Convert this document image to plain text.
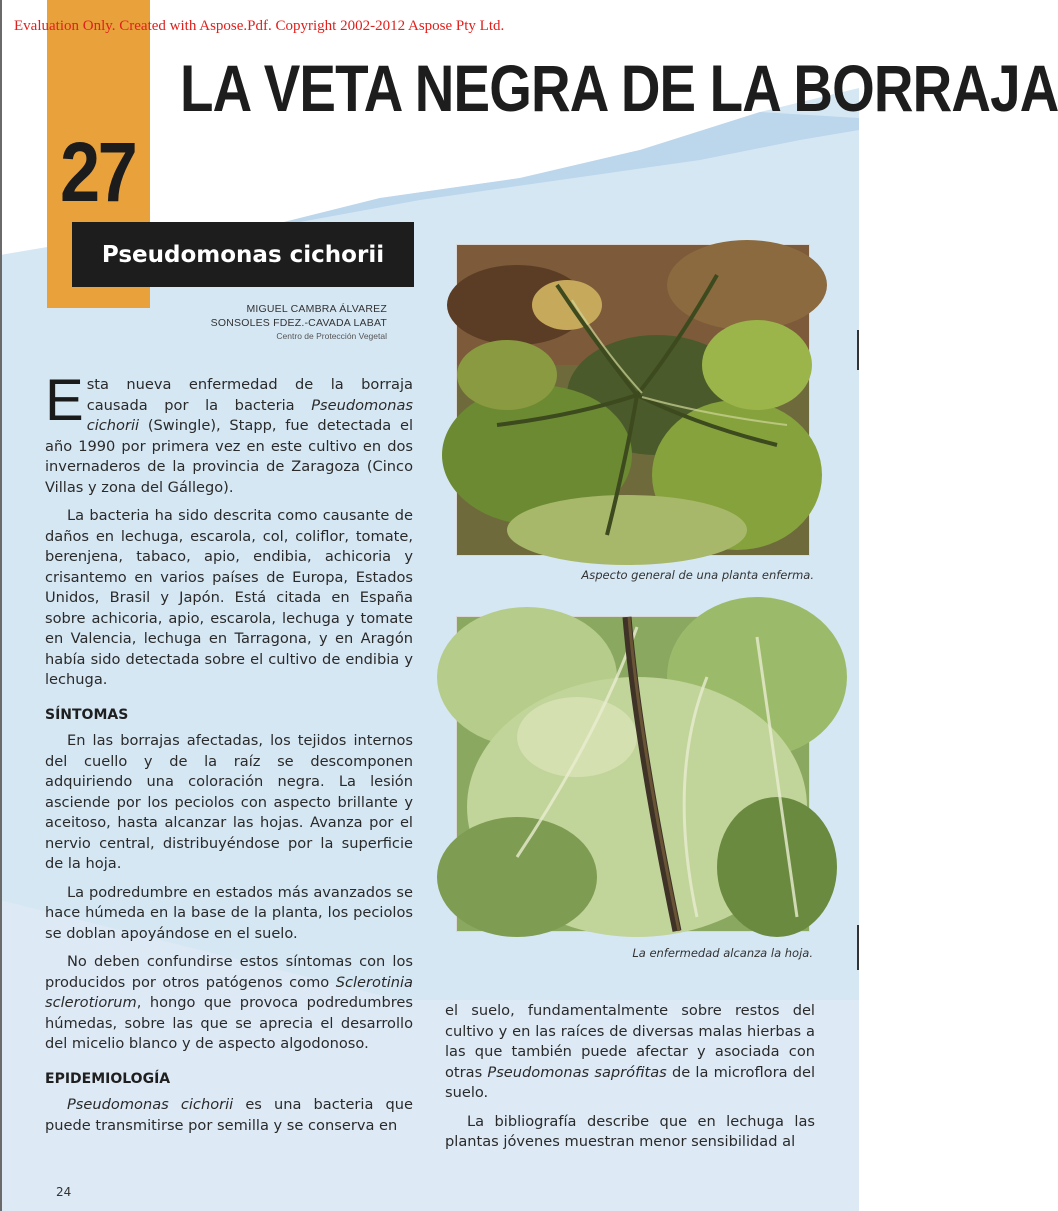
27
LA VETA NEGRA DE LA BORRAJA
Pseudomonas cichorii
Evaluation Only. Created with Aspose.Pdf. Copyright 2002-2012 Aspose Pty Ltd.
MIGUEL CAMBRA ÁLVAREZ
SONSOLES FDEZ.-CAVADA LABAT
Centro de Protección Vegetal
Aspecto general de una planta enferma.
La enfermedad alcanza la hoja.

Esta nueva enfermedad de la borraja causada por la bacteria Pseudomonas cichorii (Swingle), Stapp, fue detectada el año 1990 por primera vez en este cultivo en dos invernaderos de la provincia de Zaragoza (Cinco Villas y zona del Gállego).

La bacteria ha sido descrita como causante de daños en lechuga, escarola, col, coliflor, tomate, berenjena, tabaco, apio, endibia, achicoria y crisantemo en varios países de Europa, Estados Unidos, Brasil y Japón. Está citada en España sobre achicoria, apio, escarola, lechuga y tomate en Valencia, lechuga en Tarragona, y en Aragón había sido detectada sobre el cultivo de endibia y lechuga.

SÍNTOMAS

En las borrajas afectadas, los tejidos internos del cuello y de la raíz se descomponen adquiriendo una coloración negra. La lesión asciende por los peciolos con aspecto brillante y aceitoso, hasta alcanzar las hojas. Avanza por el nervio central, distribuyéndose por la superficie de la hoja.

La podredumbre en estados más avanzados se hace húmeda en la base de la planta, los peciolos se doblan apoyándose en el suelo.

No deben confundirse estos síntomas con los producidos por otros patógenos como Sclerotinia sclerotiorum, hongo que provoca podredumbres húmedas, sobre las que se aprecia el desarrollo del micelio blanco y de aspecto algodonoso.

EPIDEMIOLOGÍA

Pseudomonas cichorii es una bacteria que puede transmitirse por semilla y se conserva en

el suelo, fundamentalmente sobre restos del cultivo y en las raíces de diversas malas hierbas a las que también puede afectar y asociada con otras Pseudomonas saprófitas de la microflora del suelo.

La bibliografía describe que en lechuga las plantas jóvenes muestran menor sensibilidad al

24
